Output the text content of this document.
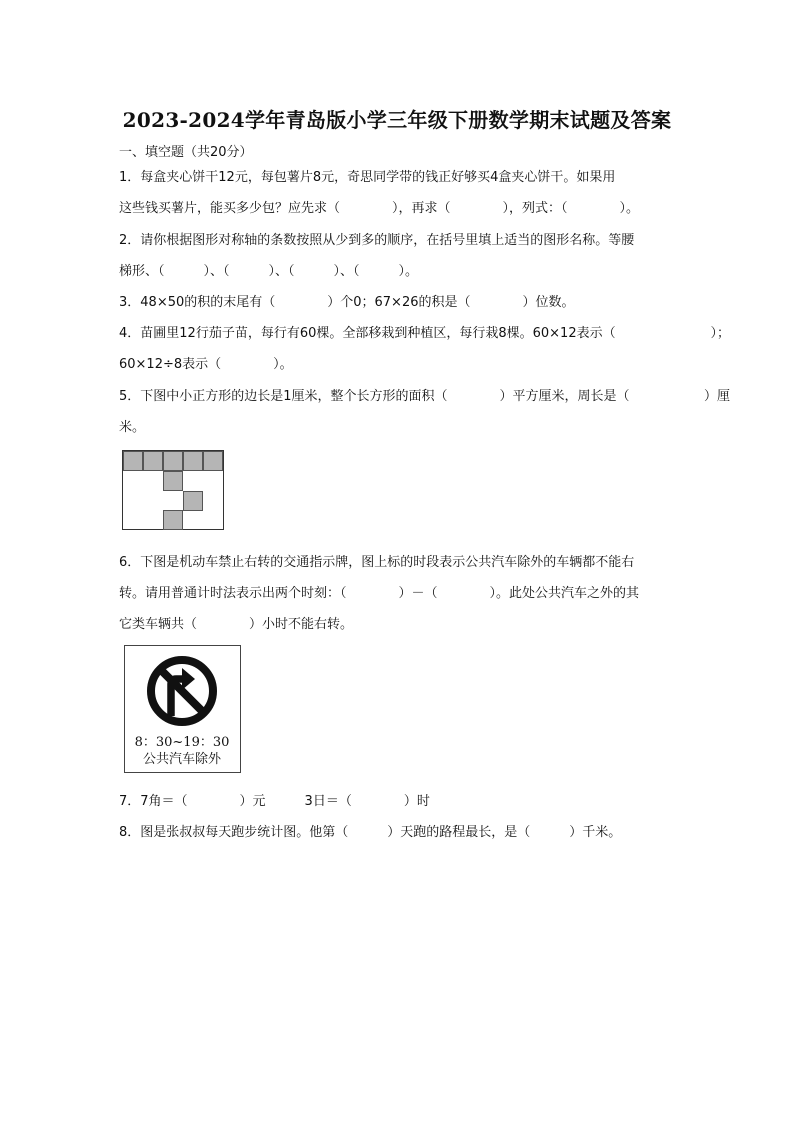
2023-2024学年青岛版小学三年级下册数学期末试题及答案
一、填空题（共20分）
1．每盒夹心饼干12元，每包薯片8元，奇思同学带的钱正好够买4盒夹心饼干。如果用
这些钱买薯片，能买多少包？应先求（　　　　），再求（　　　　），列式：（　　　　）。
2．请你根据图形对称轴的条数按照从少到多的顺序，在括号里填上适当的图形名称。等腰
梯形、（　　　）、（　　　）、（　　　）、（　　　）。
3．48×50的积的末尾有（　　　　）个0；67×26的积是（　　　　）位数。
4．苗圃里12行茄子苗，每行有60棵。全部移栽到种植区，每行栽8棵。60×12表示（	）；
60×12÷8表示（　　　　）。
5．下图中小正方形的边长是1厘米，整个长方形的面积（　　　　）平方厘米，周长是（	）厘
米。
6．下图是机动车禁止右转的交通指示牌，图上标的时段表示公共汽车除外的车辆都不能右
转。请用普通计时法表示出两个时刻：（　　　　）－（　　　　）。此处公共汽车之外的其
它类车辆共（　　　　）小时不能右转。
8：30~19：30
公共汽车除外
7．7角＝（　　　　）元　　　3日＝（　　　　）时
8．图是张叔叔每天跑步统计图。他第（　　　）天跑的路程最长，是（　　　）千米。
